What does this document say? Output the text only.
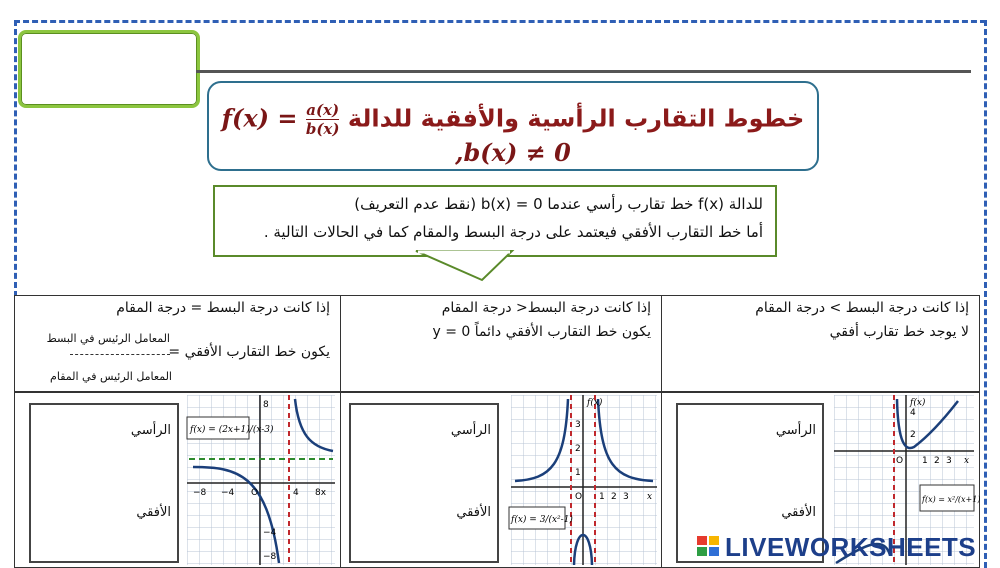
خطوط التقارب الرأسية والأفقية للدالة $f(x) = \frac{a(x)}{b(x)}$
b(x) ≠ 0,
للدالة f(x) خط تقارب رأسي عندما b(x) = 0 (نقط عدم التعريف)
أما خط التقارب الأفقي فيعتمد على درجة البسط والمقام كما في الحالات التالية .
إذا كانت درجة البسط = درجة المقام
يكون خط التقارب الأفقي =
المعامل الرئيس في البسط
المعامل الرئيس في المقام
إذا كانت درجة البسط< درجة المقام
يكون خط التقارب الأفقي دائماً y = 0
إذا كانت درجة البسط > درجة المقام
لا يوجد خط تقارب أفقي
الرأسي
الأفقي
f(x) = (2x+1)/(x-3)
−8 −4 O	4 8x
8
−4
−8
الرأسي
الأفقي f(x) = 3/(x²-1)
O 1 2 3 x
3
2
1
f(x)
الرأسي
الأفقي
f(x) = x²/(x+1)
O 1 2 3 x
4
2
f(x)
LIVEWORKSHEETS
